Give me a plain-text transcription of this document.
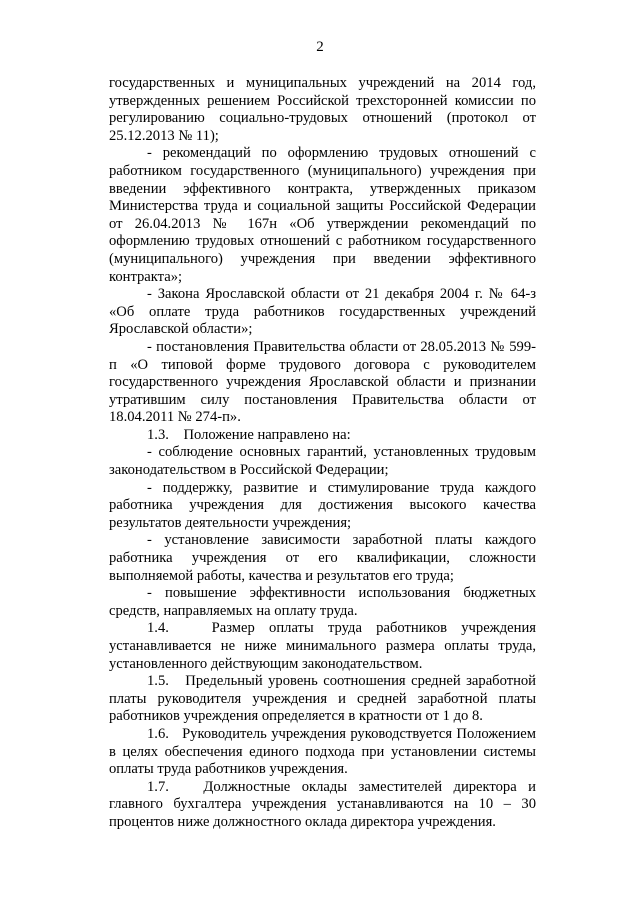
2

государственных и муниципальных учреждений на 2014 год, утвержденных решением Российской трехсторонней комиссии по регулированию социально-трудовых отношений (протокол от 25.12.2013 № 11);

- рекомендаций по оформлению трудовых отношений с работником государственного (муниципального) учреждения при введении эффективного контракта, утвержденных приказом Министерства труда и социальной защиты Российской Федерации от 26.04.2013 № 167н «Об утверждении рекомендаций по оформлению трудовых отношений с работником государственного (муниципального) учреждения при введении эффективного контракта»;

- Закона Ярославской области от 21 декабря 2004 г. № 64-з «Об оплате труда работников государственных учреждений Ярославской области»;

- постановления Правительства области от 28.05.2013 № 599-п «О типовой форме трудового договора с руководителем государственного учреждения Ярославской области и признании утратившим силу постановления Правительства области от 18.04.2011 № 274-п».

1.3.    Положение направлено на:

- соблюдение основных гарантий, установленных трудовым законодательством в Российской Федерации;

- поддержку, развитие и стимулирование труда каждого работника учреждения для достижения высокого качества результатов деятельности учреждения;

- установление зависимости заработной платы каждого работника учреждения от его квалификации, сложности выполняемой работы, качества и результатов его труда;

- повышение эффективности использования бюджетных средств, направляемых на оплату труда.

1.4.   Размер оплаты труда работников учреждения устанавливается не ниже минимального размера оплаты труда, установленного действующим законодательством.

1.5.   Предельный уровень соотношения средней заработной платы руководителя учреждения и средней заработной платы работников учреждения определяется в кратности от 1 до 8.

1.6.   Руководитель учреждения руководствуется Положением в целях обеспечения единого подхода при установлении системы оплаты труда работников учреждения.

1.7.   Должностные оклады заместителей директора и главного бухгалтера учреждения устанавливаются на 10 – 30 процентов ниже должностного оклада директора учреждения.
